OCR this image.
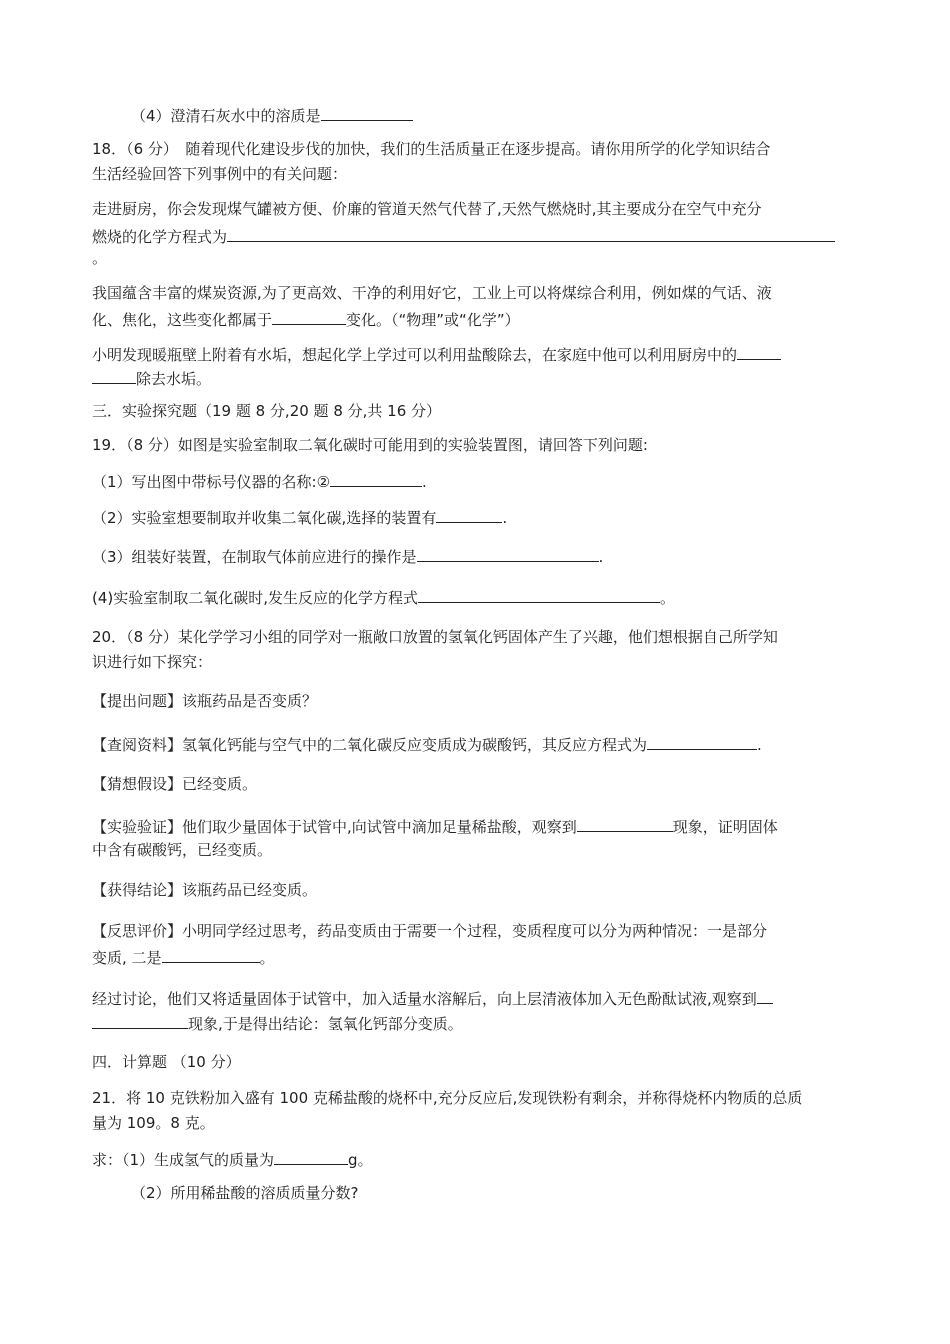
（4）澄清石灰水中的溶质是
18．（6 分）　随着现代化建设步伐的加快，我们的生活质量正在逐步提高。请你用所学的化学知识结合
生活经验回答下列事例中的有关问题：
走进厨房，你会发现煤气罐被方便、价廉的管道天然气代替了,天然气燃烧时,其主要成分在空气中充分
燃烧的化学方程式为
。
我国蕴含丰富的煤炭资源,为了更高效、干净的利用好它，工业上可以将煤综合利用，例如煤的气话、液
化、焦化，这些变化都属于	变化。（“物理”或“化学”）
小明发现暖瓶壁上附着有水垢，想起化学上学过可以利用盐酸除去，在家庭中他可以利用厨房中的
除去水垢。
三．实验探究题（19 题 8 分,20 题 8 分,共 16 分）
19．（8 分）如图是实验室制取二氧化碳时可能用到的实验装置图，请回答下列问题:
（1）写出图中带标号仪器的名称:②	.
（2）实验室想要制取并收集二氧化碳,选择的装置有	.
（3）组装好装置，在制取气体前应进行的操作是	.
(4)实验室制取二氧化碳时,发生反应的化学方程式	。
20．（8 分）某化学学习小组的同学对一瓶敞口放置的氢氧化钙固体产生了兴趣，他们想根据自己所学知
识进行如下探究：
【提出问题】该瓶药品是否变质？
【查阅资料】氢氧化钙能与空气中的二氧化碳反应变质成为碳酸钙，其反应方程式为	.
【猜想假设】已经变质。
【实验验证】他们取少量固体于试管中,向试管中滴加足量稀盐酸，观察到	现象，证明固体
中含有碳酸钙，已经变质。
【获得结论】该瓶药品已经变质。
【反思评价】小明同学经过思考，药品变质由于需要一个过程，变质程度可以分为两种情况：一是部分
变质, 二是	。
经过讨论，他们又将适量固体于试管中，加入适量水溶解后，向上层清液体加入无色酚酞试液,观察到
现象,于是得出结论：氢氧化钙部分变质。
四．计算题 （10 分）
21．将 10 克铁粉加入盛有 100 克稀盐酸的烧杯中,充分反应后,发现铁粉有剩余，并称得烧杯内物质的总质
量为 109。8 克。
求：（1）生成氢气的质量为	g。
（2）所用稀盐酸的溶质质量分数?
